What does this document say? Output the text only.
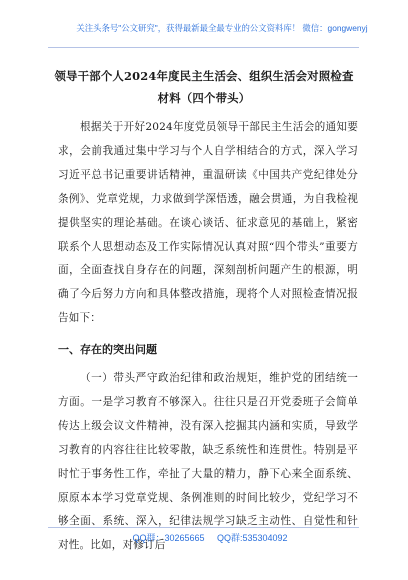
关注头条号"公文研究"，获得最新最全最专业的公文资料库！ 微信：gongwenyj
领导干部个人2024年度民主生活会、组织生活会对照检查
材料（四个带头）

根据关于开好2024年度党员领导干部民主生活会的通知要求，会前我通过集中学习与个人自学相结合的方式，深入学习习近平总书记重要讲话精神，重温研读《中国共产党纪律处分条例》、党章党规，力求做到学深悟透，融会贯通，为自我检视提供坚实的理论基础。在谈心谈话、征求意见的基础上，紧密联系个人思想动态及工作实际情况认真对照“四个带头”重要方面，全面查找自身存在的问题，深刻剖析问题产生的根源，明确了今后努力方向和具体整改措施，现将个人对照检查情况报告如下：

一、存在的突出问题

（一）带头严守政治纪律和政治规矩，维护党的团结统一方面。一是学习教育不够深入。往往只是召开党委班子会简单传达上级会议文件精神，没有深入挖掘其内涵和实质，导致学习教育的内容往往比较零散，缺乏系统性和连贯性。特别是平时忙于事务性工作，牵扯了大量的精力，静下心来全面系统、原原本本学习党章党规、条例准则的时间比较少，党纪学习不够全面、系统、深入，纪律法规学习缺乏主动性、自觉性和针对性。比如，对修订后

QQ群：30265665     QQ群:535304092
